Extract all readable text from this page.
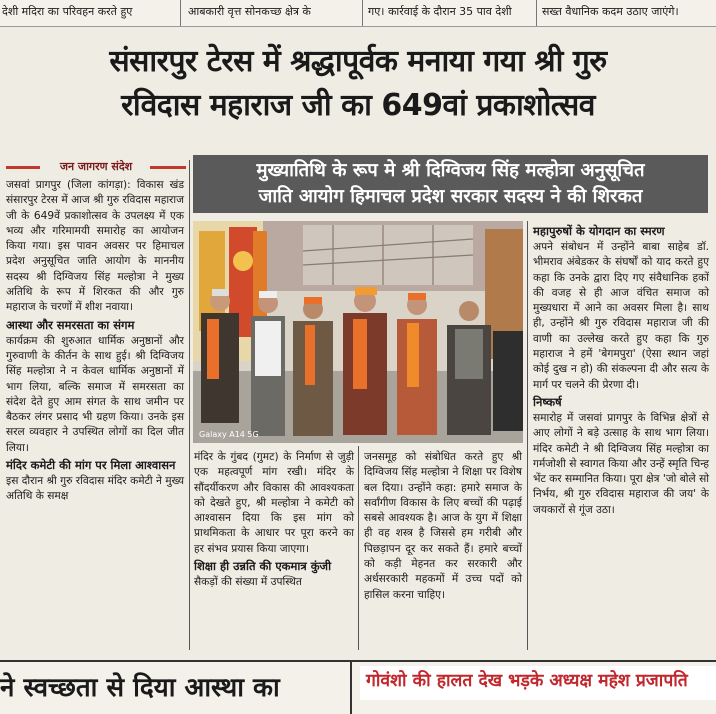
देशी मदिरा का परिवहन करते हुए	आबकारी वृत्त सोनकच्छ क्षेत्र के	गए। कार्रवाई के दौरान 35 पाव देशी	सख्त वैधानिक कदम उठाए जाएंगे।
संसारपुर टेरस में श्रद्धापूर्वक मनाया गया श्री गुरु
रविदास महाराज जी का 649वां प्रकाशोत्सव
जन जागरण संदेश	मुख्यातिथि के रूप मे श्री दिग्विजय सिंह मल्होत्रा अनुसूचित
जाति आयोग हिमाचल प्रदेश सरकार सदस्य ने की शिरकत
Galaxy A14 5G

जसवां प्रागपुर (जिला कांगड़ा): विकास खंड संसारपुर टेरस में आज श्री गुरु रविदास महाराज जी के 649वें प्रकाशोत्सव के उपलक्ष्य में एक भव्य और गरिमामयी समारोह का आयोजन किया गया। इस पावन अवसर पर हिमाचल प्रदेश अनुसूचित जाति आयोग के माननीय सदस्य श्री दिग्विजय सिंह मल्होत्रा ने मुख्य अतिथि के रूप में शिरकत की और गुरु महाराज के चरणों में शीश नवाया।

आस्था और समरसता का संगम

कार्यक्रम की शुरुआत धार्मिक अनुष्ठानों और गुरुवाणी के कीर्तन के साथ हुई। श्री दिग्विजय सिंह मल्होत्रा ने न केवल धार्मिक अनुष्ठानों में भाग लिया, बल्कि समाज में समरसता का संदेश देते हुए आम संगत के साथ जमीन पर बैठकर लंगर प्रसाद भी ग्रहण किया। उनके इस सरल व्यवहार ने उपस्थित लोगों का दिल जीत लिया।

मंदिर कमेटी की मांग पर मिला आश्वासन

इस दौरान श्री गुरु रविदास मंदिर कमेटी ने मुख्य अतिथि के समक्ष

मंदिर के गुंबद (गुमट) के निर्माण से जुड़ी एक महत्वपूर्ण मांग रखी। मंदिर के सौंदर्यीकरण और विकास की आवश्यकता को देखते हुए, श्री मल्होत्रा ने कमेटी को आश्वासन दिया कि इस मांग को प्राथमिकता के आधार पर पूरा करने का हर संभव प्रयास किया जाएगा।

शिक्षा ही उन्नति की एकमात्र कुंजी

सैकड़ों की संख्या में उपस्थित

जनसमूह को संबोधित करते हुए श्री दिग्विजय सिंह मल्होत्रा ने शिक्षा पर विशेष बल दिया। उन्होंने कहा: हमारे समाज के सर्वांगीण विकास के लिए बच्चों की पढ़ाई सबसे आवश्यक है। आज के युग में शिक्षा ही वह शस्त्र है जिससे हम गरीबी और पिछड़ापन दूर कर सकते हैं। हमारे बच्चों को कड़ी मेहनत कर सरकारी और अर्धसरकारी महकमों में उच्च पदों को हासिल करना चाहिए।

महापुरुषों के योगदान का स्मरण

अपने संबोधन में उन्होंने बाबा साहेब डॉ. भीमराव अंबेडकर के संघर्षों को याद करते हुए कहा कि उनके द्वारा दिए गए संवैधानिक हकों की वजह से ही आज वंचित समाज को मुख्यधारा में आने का अवसर मिला है। साथ ही, उन्होंने श्री गुरु रविदास महाराज जी की वाणी का उल्लेख करते हुए कहा कि गुरु महाराज ने हमें 'बेगमपुरा' (ऐसा स्थान जहां कोई दुख न हो) की संकल्पना दी और सत्य के मार्ग पर चलने की प्रेरणा दी।

निष्कर्ष

समारोह में जसवां प्रागपुर के विभिन्न क्षेत्रों से आए लोगों ने बड़े उत्साह के साथ भाग लिया। मंदिर कमेटी ने श्री दिग्विजय सिंह मल्होत्रा का गर्मजोशी से स्वागत किया और उन्हें स्मृति चिन्ह भेंट कर सम्मानित किया। पूरा क्षेत्र 'जो बोले सो निर्भय, श्री गुरु रविदास महाराज की जय' के जयकारों से गूंज उठा।

ने स्वच्छता से दिया आस्था का	गोवंशो की हालत देख भड़के अध्यक्ष महेश प्रजापति
